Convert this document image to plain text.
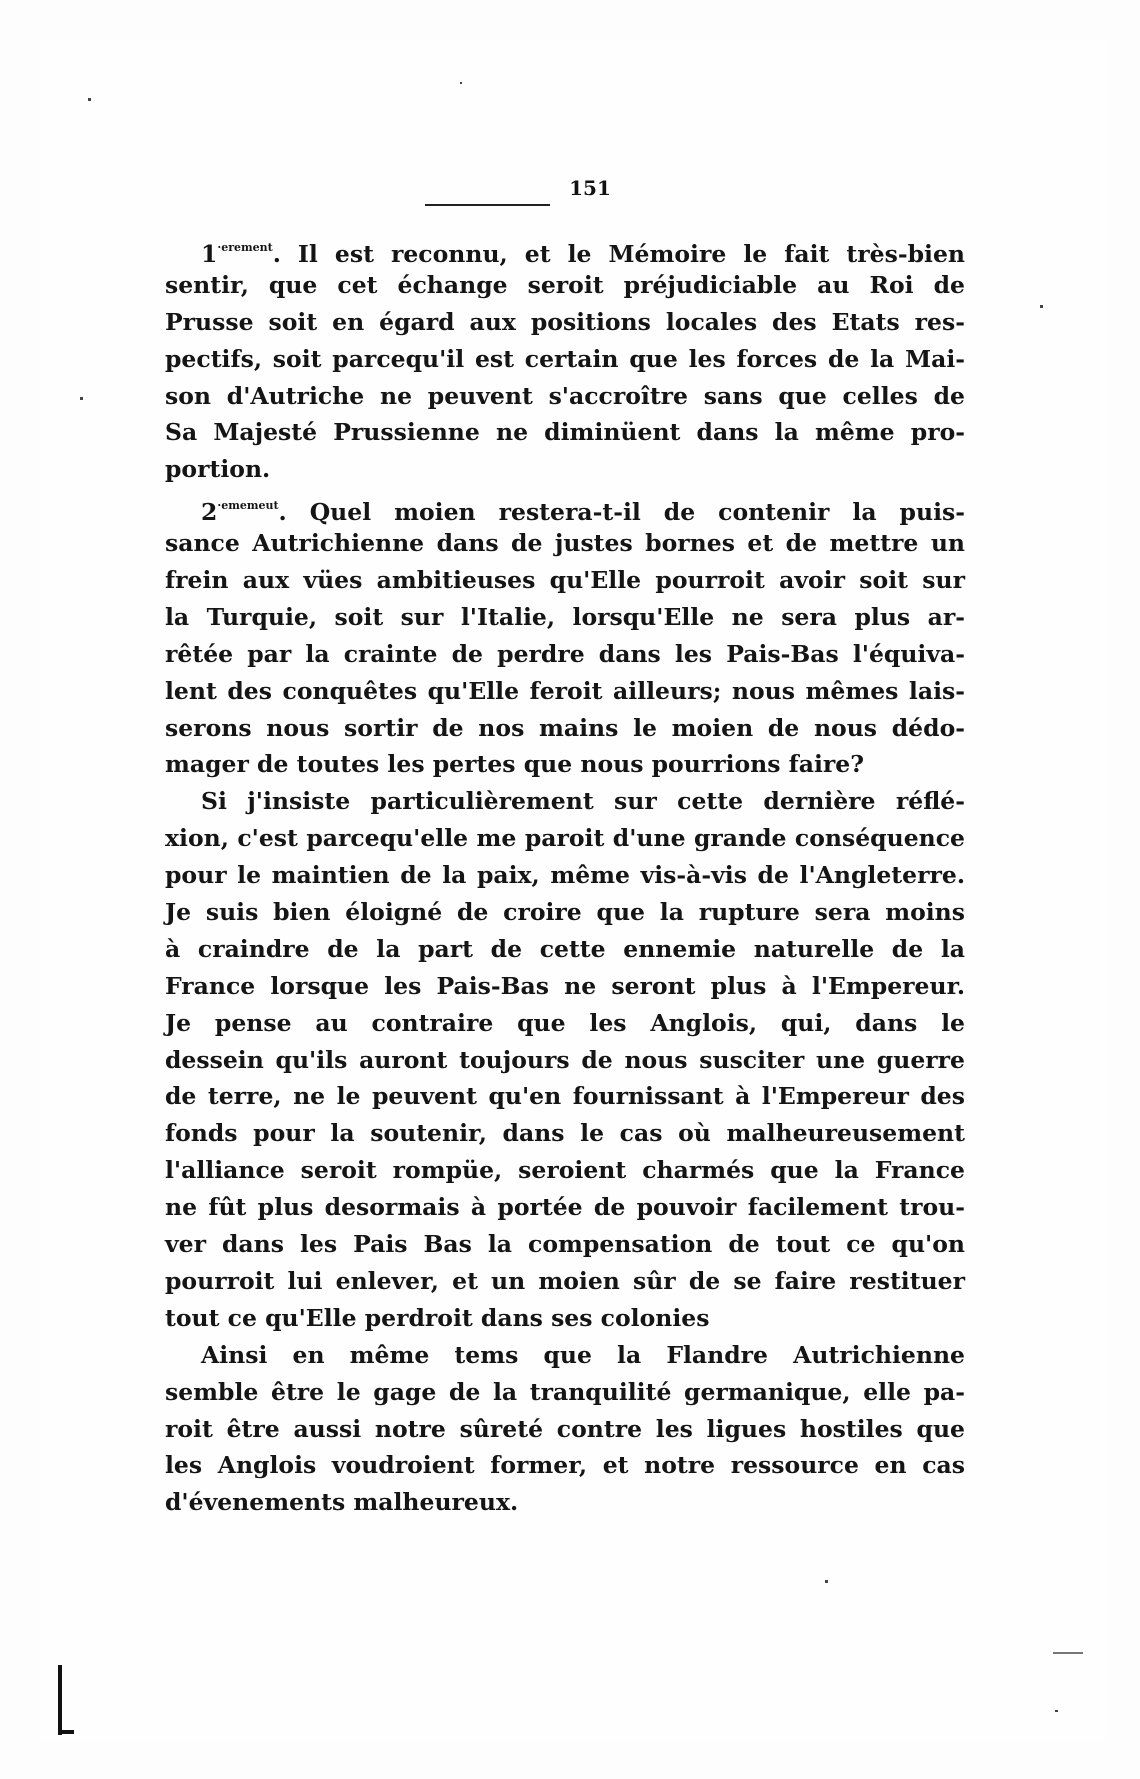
151
$1^{\cdot erement}$. Il est reconnu, et le Mémoire le fait très-bien
sentir, que cet échange seroit préjudiciable au Roi de
Prusse soit en égard aux positions locales des Etats res-
pectifs, soit parcequ'il est certain que les forces de la Mai-
son d'Autriche ne peuvent s'accroître sans que celles de
Sa Majesté Prussienne ne diminüent dans la même pro-
portion.
$2^{\cdot ememeut}$. Quel moien restera-t-il de contenir la puis-
sance Autrichienne dans de justes bornes et de mettre un
frein aux vües ambitieuses qu'Elle pourroit avoir soit sur
la Turquie, soit sur l'Italie, lorsqu'Elle ne sera plus ar-
rêtée par la crainte de perdre dans les Pais-Bas l'équiva-
lent des conquêtes qu'Elle feroit ailleurs; nous mêmes lais-
serons nous sortir de nos mains le moien de nous dédo-
mager de toutes les pertes que nous pourrions faire?
Si j'insiste particulièrement sur cette dernière réflé-
xion, c'est parcequ'elle me paroit d'une grande conséquence
pour le maintien de la paix, même vis-à-vis de l'Angleterre.
Je suis bien éloigné de croire que la rupture sera moins
à craindre de la part de cette ennemie naturelle de la
France lorsque les Pais-Bas ne seront plus à l'Empereur.
Je pense au contraire que les Anglois, qui, dans le
dessein qu'ils auront toujours de nous susciter une guerre
de terre, ne le peuvent qu'en fournissant à l'Empereur des
fonds pour la soutenir, dans le cas où malheureusement
l'alliance seroit rompüe, seroient charmés que la France
ne fût plus desormais à portée de pouvoir facilement trou-
ver dans les Pais Bas la compensation de tout ce qu'on
pourroit lui enlever, et un moien sûr de se faire restituer
tout ce qu'Elle perdroit dans ses colonies
Ainsi en même tems que la Flandre Autrichienne
semble être le gage de la tranquilité germanique, elle pa-
roit être aussi notre sûreté contre les ligues hostiles que
les Anglois voudroient former, et notre ressource en cas
d'évenements malheureux.
